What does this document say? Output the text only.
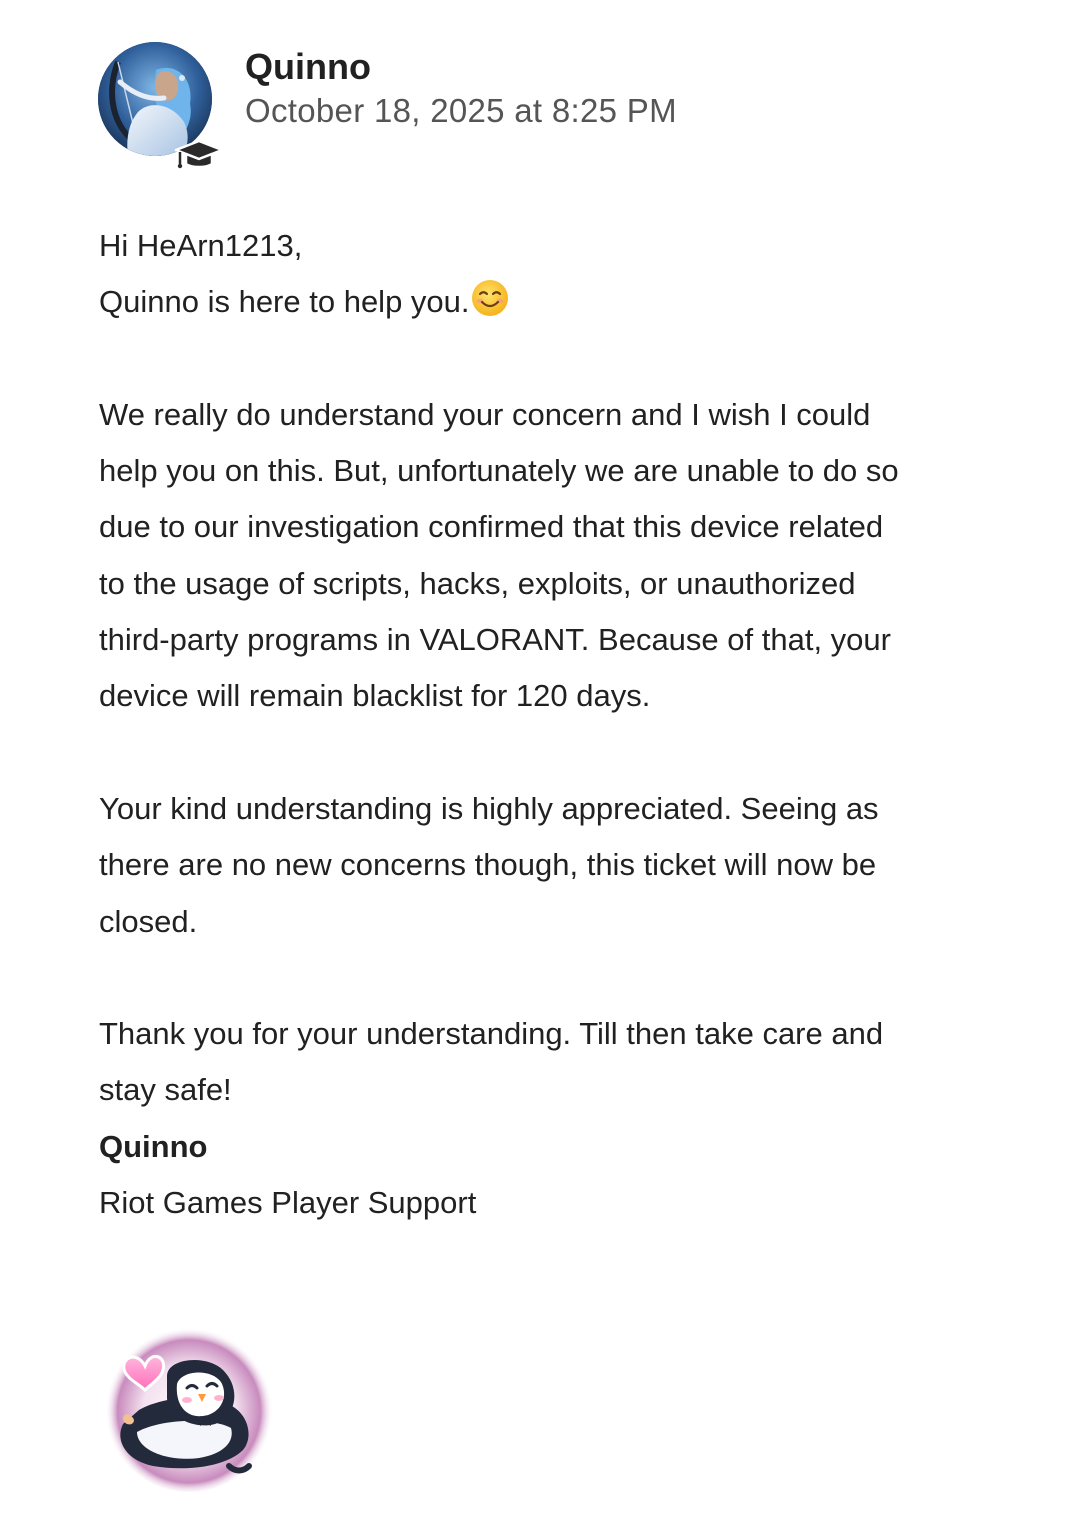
Quinno
October 18, 2025 at 8:25 PM

Hi HeArn1213,

Quinno is here to help you.

We really do understand your concern and I wish I could

help you on this. But, unfortunately we are unable to do so

due to our investigation confirmed that this device related

to the usage of scripts, hacks, exploits, or unauthorized

third-party programs in VALORANT. Because of that, your

device will remain blacklist for 120 days.

Your kind understanding is highly appreciated. Seeing as

there are no new concerns though, this ticket will now be

closed.

Thank you for your understanding. Till then take care and

stay safe!

Quinno

Riot Games Player Support
